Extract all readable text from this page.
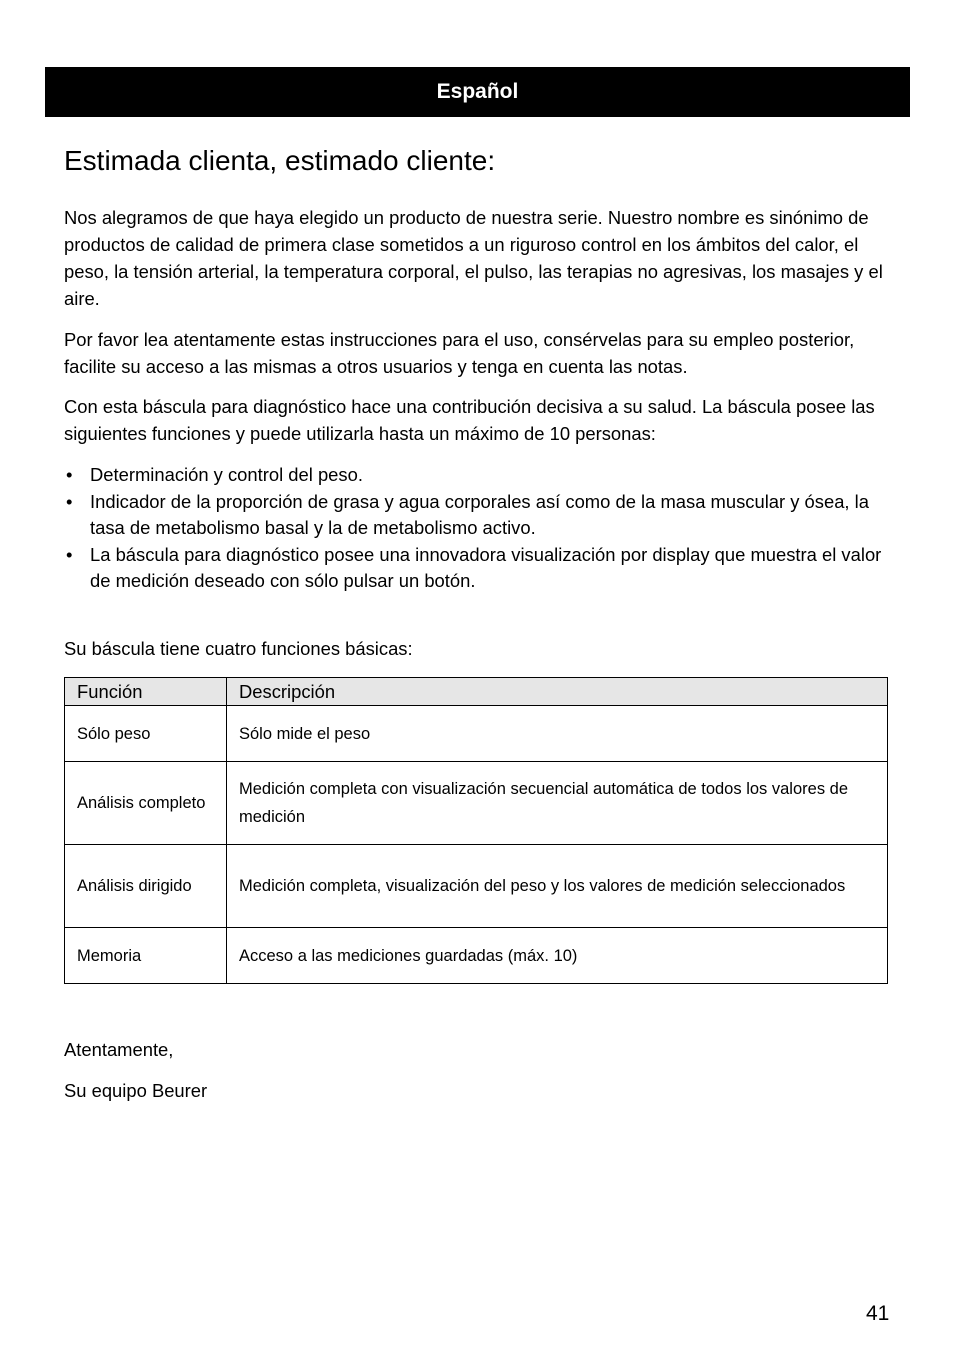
Español
Estimada clienta, estimado cliente:

Nos alegramos de que haya elegido un producto de nuestra serie. Nuestro nombre es sinónimo de productos de calidad de primera clase sometidos a un riguroso control en los ámbitos del calor, el peso, la tensión arterial, la temperatura corporal, el pulso, las terapias no agresivas, los masajes y el aire.

Por favor lea atentamente estas instrucciones para el uso, consérvelas para su empleo posterior, facilite su acceso a las mismas a otros usuarios y tenga en cuenta las notas.

Con esta báscula para diagnóstico hace una contribución decisiva a su salud. La báscula posee las siguientes funciones y puede utilizarla hasta un máximo de 10 personas:

• Determinación y control del peso.
• Indicador de la proporción de grasa y agua corporales así como de la masa muscular y ósea, la tasa de metabolismo basal y la de metabolismo activo.
• La báscula para diagnóstico posee una innovadora visualización por display que muestra el valor de medición deseado con sólo pulsar un botón.

Su báscula tiene cuatro funciones básicas:

Función	Descripción
Sólo peso	Sólo mide el peso
Análisis completo	Medición completa con visualización secuencial automática de todos los valores de medición
Análisis dirigido	Medición completa, visualización del peso y los valores de medición seleccionados
Memoria	Acceso a las mediciones guardadas (máx. 10)

Atentamente,

Su equipo Beurer

41
